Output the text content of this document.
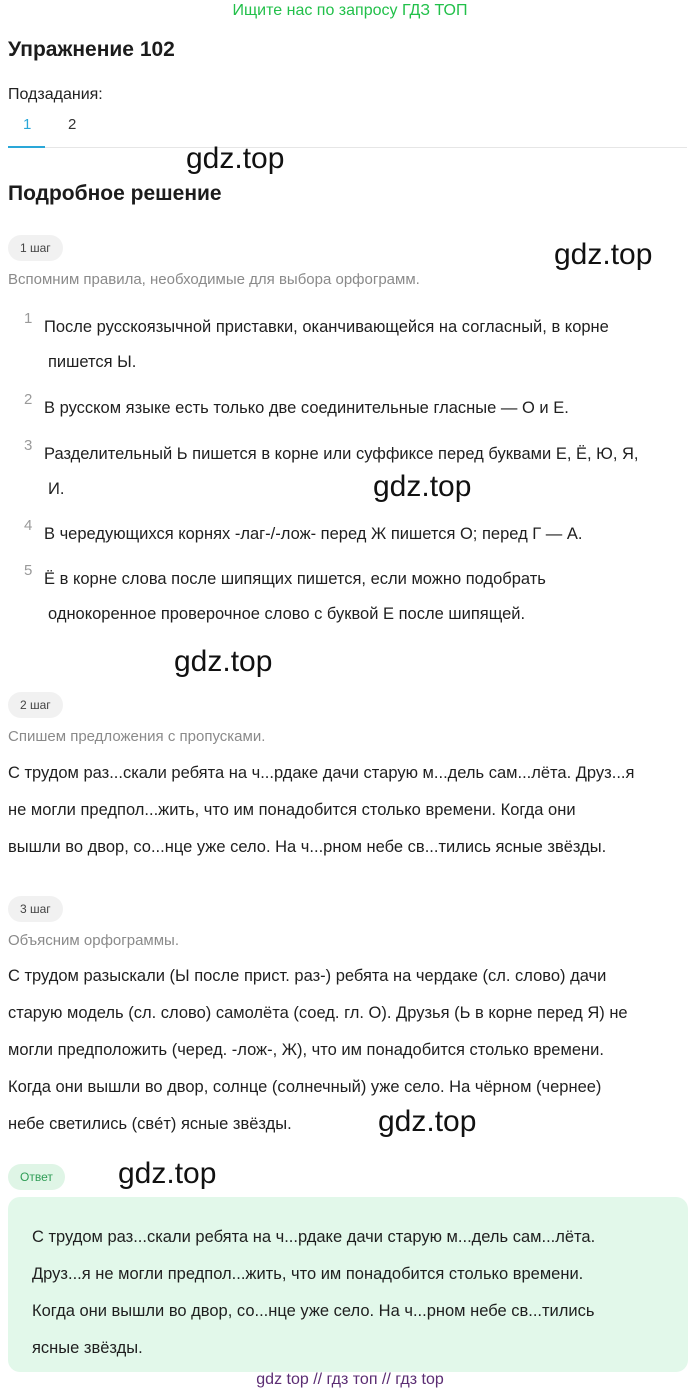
Ищите нас по запросу ГДЗ ТОП
Упражнение 102
Подзадания:
1 2
gdz.top
Подробное решение
1 шаг	gdz.top
Вспомним правила, необходимые для выбора орфограмм.
1 После русскоязычной приставки, оканчивающейся на согласный, в корне
пишется Ы.
2 В русском языке есть только две соединительные гласные — О и Е.
3 Разделительный Ь пишется в корне или суффиксе перед буквами Е, Ё, Ю, Я,
И.	gdz.top
4 В чередующихся корнях -лаг-/-лож- перед Ж пишется О; перед Г — А.
5 Ё в корне слова после шипящих пишется, если можно подобрать
однокоренное проверочное слово с буквой Е после шипящей.
gdz.top
2 шаг
Спишем предложения с пропусками.
С трудом раз...скали ребята на ч...рдаке дачи старую м...дель сам...лёта. Друз...я
не могли предпол...жить, что им понадобится столько времени. Когда они
вышли во двор, со...нце уже село. На ч...рном небе св...тились ясные звёзды.
3 шаг
Объясним орфограммы.
С трудом разыскали (Ы после прист. раз-) ребята на чердаке (сл. слово) дачи
старую модель (сл. слово) самолёта (соед. гл. О). Друзья (Ь в корне перед Я) не
могли предположить (черед. -лож-, Ж), что им понадобится столько времени.
Когда они вышли во двор, солнце (солнечный) уже село. На чёрном (чернее)
небе светились (свéт) ясные звёзды.	gdz.top
Ответ	gdz.top
С трудом раз...скали ребята на ч...рдаке дачи старую м...дель сам...лёта.
Друз...я не могли предпол...жить, что им понадобится столько времени.
Когда они вышли во двор, со...нце уже село. На ч...рном небе св...тились
ясные звёзды.
gdz top // гдз топ // гдз top
